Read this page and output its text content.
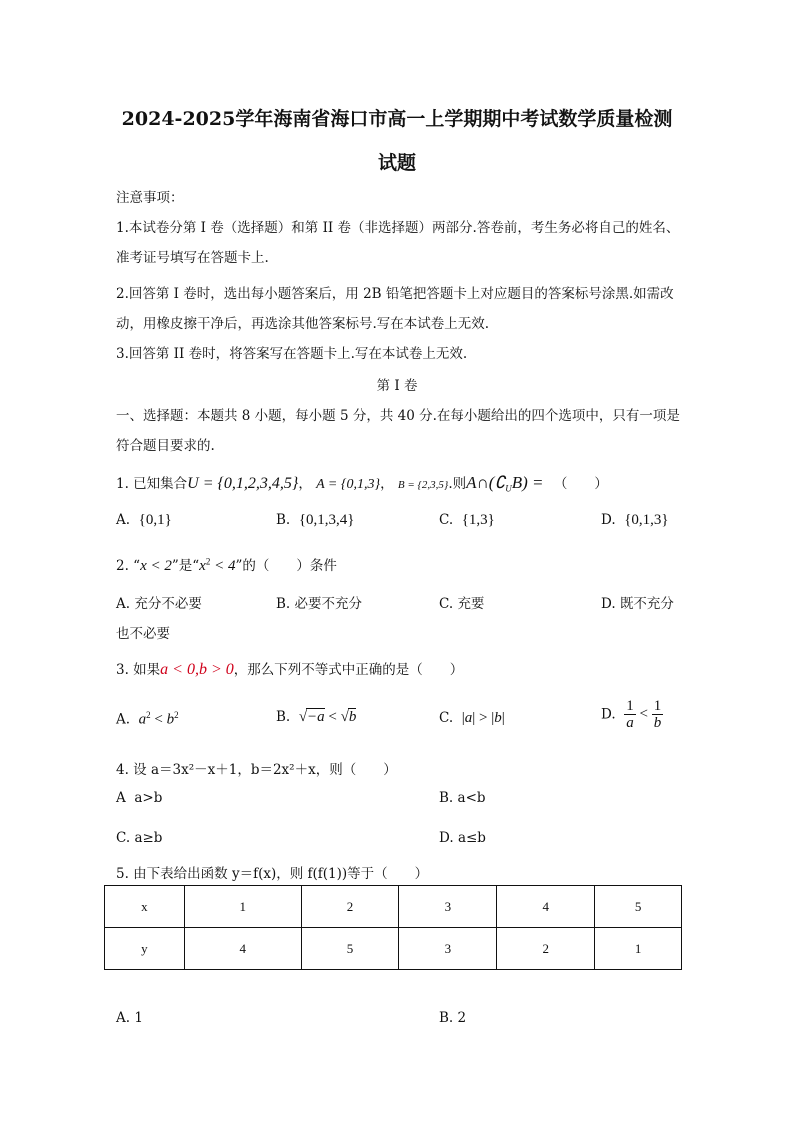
2024-2025学年海南省海口市高一上学期期中考试数学质量检测
试题
注意事项：
1.本试卷分第 I 卷（选择题）和第 II 卷（非选择题）两部分.答卷前，考生务必将自己的姓名、
准考证号填写在答题卡上.
2.回答第 I 卷时，选出每小题答案后，用 2B 铅笔把答题卡上对应题目的答案标号涂黑.如需改
动，用橡皮擦干净后，再选涂其他答案标号.写在本试卷上无效.
3.回答第 II 卷时，将答案写在答题卡上.写在本试卷上无效.
第 I 卷
一、选择题：本题共 8 小题，每小题 5 分，共 40 分.在每小题给出的四个选项中，只有一项是
符合题目要求的.
1. 已知集合U = {0,1,2,3,4,5}， A = {0,1,3}， B = {2,3,5}.则$A\cap(∁_UB)$ = （　　）
A. {0,1}	B. {0,1,3,4}	C. {1,3}	D. {0,1,3}
2. “x < 2”是“$x^2 < 4$”的（　　）条件
A. 充分不必要	B. 必要不充分	C. 充要	D. 既不充分
也不必要
3. 如果a < 0,b > 0，那么下列不等式中正确的是（　　）
A. $a^2 < b^2$	B. √−a < √b	C. |a| > |b|	D. $\frac{1}{a} < \frac{1}{b}$
4. 设 a＝3x²－x＋1，b＝2x²＋x，则（　　）
A a>b	B. a<b
C. a≥b	D. a≤b
5. 由下表给出函数 y＝f(x)，则 f(f(1))等于（　　）
x	1	2	3	4	5
y	4	5	3	2	1
A. 1	B. 2
